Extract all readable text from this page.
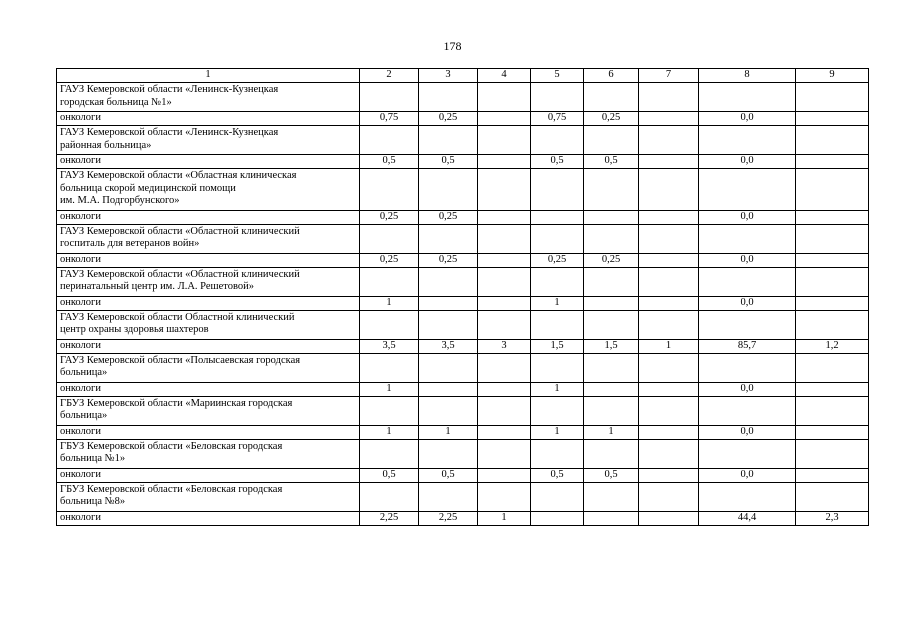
178
1	2	3	4	5	6	7	8	9
ГАУЗ Кемеровской области «Ленинск-Кузнецкая
городская больница №1»								
онкологи	0,75	0,25		0,75	0,25		0,0	
ГАУЗ Кемеровской области «Ленинск-Кузнецкая
районная больница»								
онкологи	0,5	0,5		0,5	0,5		0,0	
ГАУЗ Кемеровской области «Областная клиническая
больница скорой медицинской помощи
им. М.А. Подгорбунского»								
онкологи	0,25	0,25					0,0	
ГАУЗ Кемеровской области «Областной клинический
госпиталь для ветеранов войн»								
онкологи	0,25	0,25		0,25	0,25		0,0	
ГАУЗ Кемеровской области «Областной клинический
перинатальный центр им. Л.А. Решетовой»								
онкологи	1			1			0,0	
ГАУЗ Кемеровской области Областной клинический
центр охраны здоровья шахтеров								
онкологи	3,5	3,5	3	1,5	1,5	1	85,7	1,2
ГАУЗ Кемеровской области «Полысаевская городская
больница»								
онкологи	1			1			0,0	
ГБУЗ Кемеровской области «Мариинская городская
больница»								
онкологи	1	1		1	1		0,0	
ГБУЗ Кемеровской области «Беловская городская
больница №1»								
онкологи	0,5	0,5		0,5	0,5		0,0	
ГБУЗ Кемеровской области «Беловская городская
больница №8»								
онкологи	2,25	2,25	1				44,4	2,3
